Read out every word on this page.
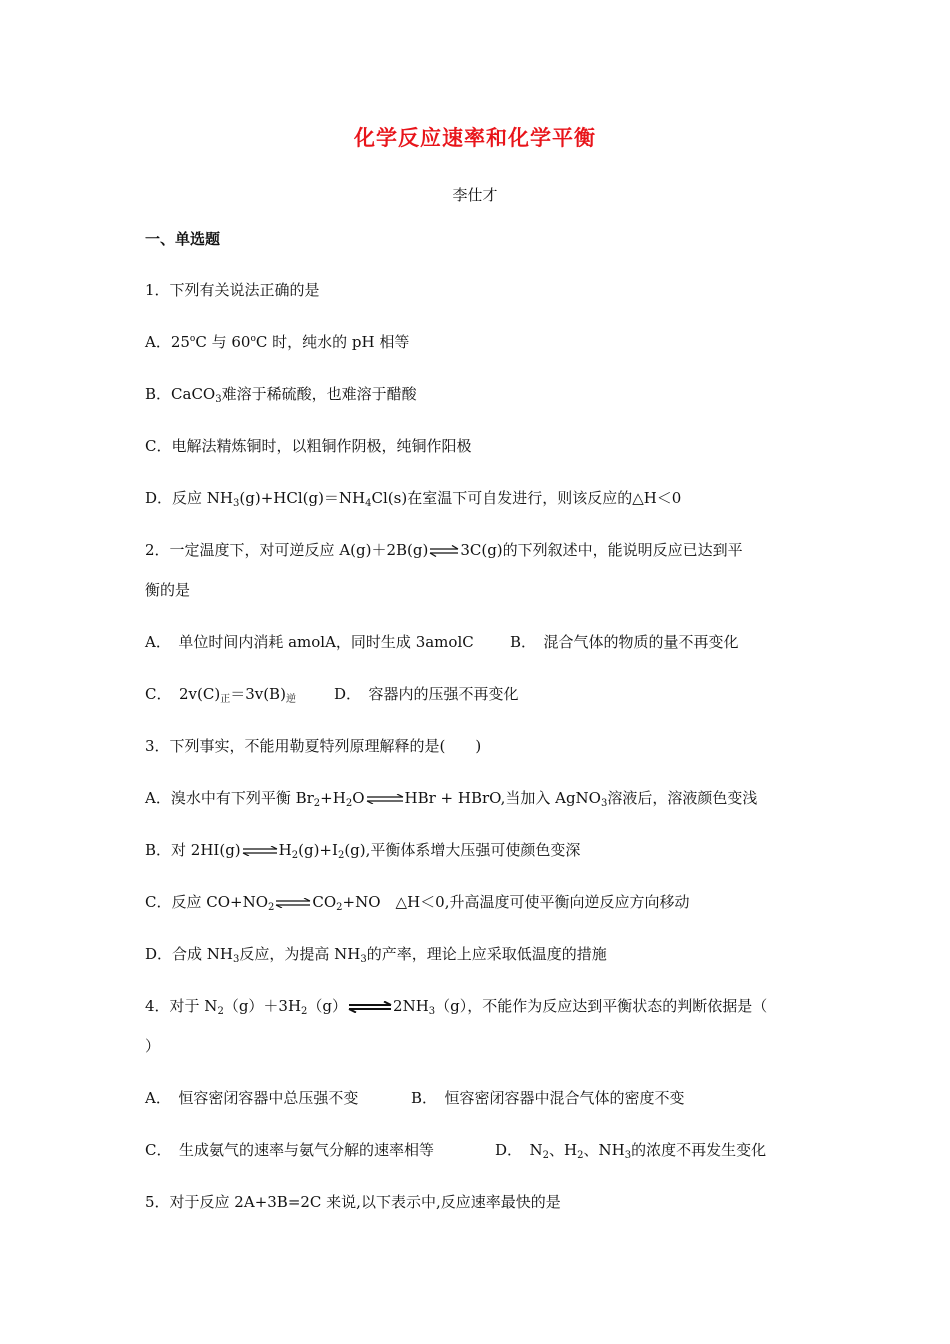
化学反应速率和化学平衡
李仕才
一、单选题
1．下列有关说法正确的是
A．25$^o$C 与 60$^o$C 时，纯水的 pH 相等
B．CaCO$_3$难溶于稀硫酸，也难溶于醋酸
C．电解法精炼铜时，以粗铜作阴极，纯铜作阳极
D．反应 $NH_3(g)+HCl(g)=NH_4Cl(s)$在室温下可自发进行，则该反应的△H＜0
2．一定温度下，对可逆反应 A(g)＋2B(g)⇌3C(g)的下列叙述中，能说明反应已达到平
衡的是
A．　单位时间内消耗 amolA，同时生成 3amolC B．　混合气体的物质的量不再变化
C．　$2v(C)_正=3v(B)_逆$	D．　容器内的压强不再变化
3．下列事实，不能用勒夏特列原理解释的是(　　)
A．溴水中有下列平衡 $Br_2+H_2O\rightleftharpoons HBr$ + HBrO,当加入 AgNO$_3$溶液后，溶液颜色变浅
B．对 $2HI(g)\rightleftharpoons H_2(g)+I_2(g)$,平衡体系增大压强可使颜色变深
C．反应 $CO+NO_2\rightleftharpoons CO_2+NO$　△H＜0,升高温度可使平衡向逆反应方向移动
D．合成 $NH_3$反应，为提高 $NH_3$的产率，理论上应采取低温度的措施
4．对于 $N_2(g)+3H_2(g)\rightleftharpoons 2NH_3(g)$，不能作为反应达到平衡状态的判断依据是（
）
A．　恒容密闭容器中总压强不变	B．　恒容密闭容器中混合气体的密度不变
C．　生成氨气的速率与氨气分解的速率相等	D．　$N_2$、$H_2$、$NH_3$的浓度不再发生变化
5．对于反应 2A+3B=2C 来说,以下表示中,反应速率最快的是
